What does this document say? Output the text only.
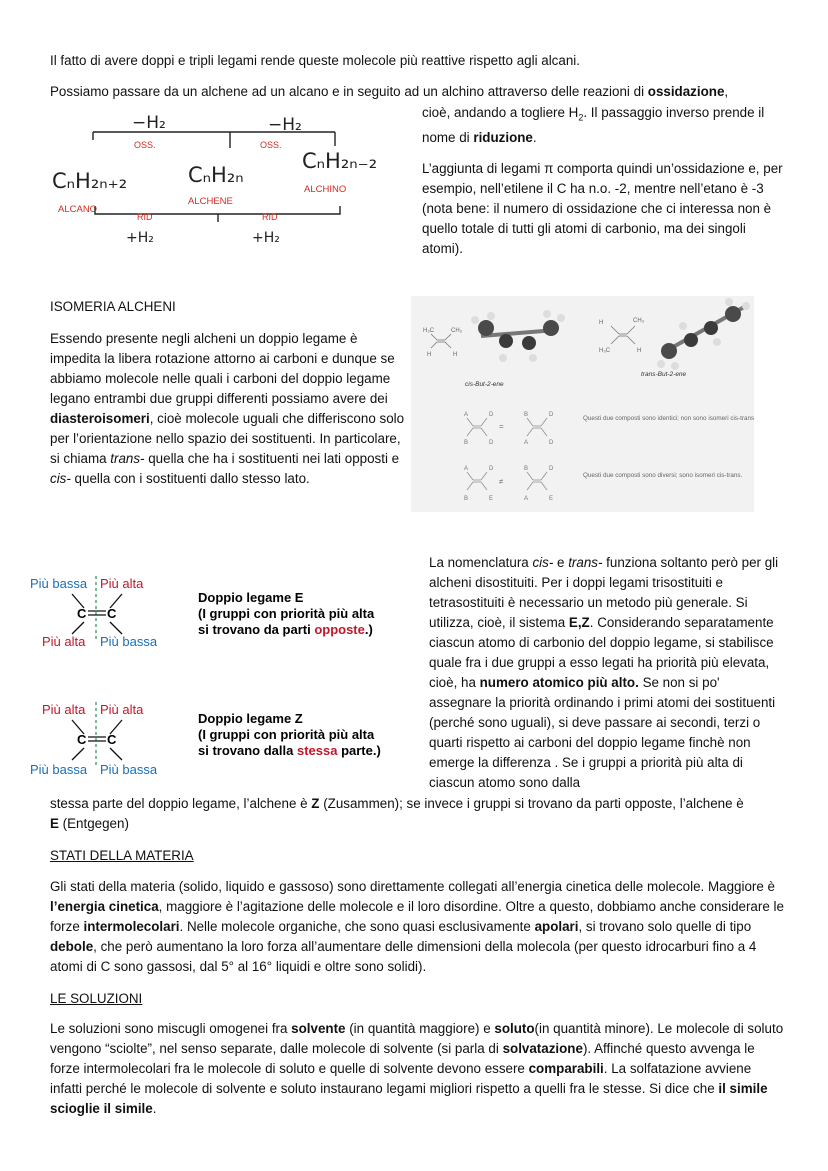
Il fatto di avere doppi e tripli legami rende queste molecole più reattive rispetto agli alcani.

Possiamo passare da un alchene ad un alcano e in seguito ad un alchino attraverso delle reazioni di ossidazione,

cioè, andando a togliere $H_2$. Il passaggio inverso prende il nome di riduzione.

L’aggiunta di legami π comporta quindi un’ossidazione e, per esempio, nell’etilene il C ha n.o. -2, mentre nell’etano è -3 (nota bene: il numero di ossidazione che ci interessa non è quello totale di tutti gli atomi di carbonio, ma dei singoli atomi).

−H₂	−H₂
OSS.	OSS.
CₙH₂ₙ₊₂	CₙH₂ₙ
CₙH₂ₙ₋₂
ALCANO
ALCHENE
ALCHINO
RID	RID
+H₂	+H₂

ISOMERIA ALCHENI

Essendo presente negli alcheni un doppio legame è impedita la libera rotazione attorno ai carboni e dunque se abbiamo molecole nelle quali i carboni del doppio legame legano entrambi due gruppi differenti possiamo avere dei diasteroisomeri, cioè molecole uguali che differiscono solo per l’orientazione nello spazio dei sostituenti. In particolare, si chiama trans- quella che ha i sostituenti nei lati opposti e cis- quella con i sostituenti dallo stesso lato.

H₃C	CH₃
H	H
cis-But-2-ene
H	CH₃
H₃C	H
trans-But-2-ene
A	D
B	D
=
B	D
A	D
Questi due composti sono identici; non sono isomeri cis-trans.
A	D
B	E
≠
B	D
A	E
Questi due composti sono diversi; sono isomeri cis-trans.
Più bassa Più alta
C C
Più alta Più bassa
Doppio legame E
(I gruppi con priorità più alta
si trovano da parti opposte.)
Più alta Più alta
C C
Più bassa Più bassa
Doppio legame Z
(I gruppi con priorità più alta
si trovano dalla stessa parte.)

La nomenclatura cis- e trans- funziona soltanto però per gli alcheni disostituiti. Per i doppi legami trisostituiti e tetrasostituiti è necessario un metodo più generale. Si utilizza, cioè, il sistema E,Z. Considerando separatamente ciascun atomo di carbonio del doppio legame, si stabilisce quale fra i due gruppi a esso legati ha priorità più elevata, cioè, ha numero atomico più alto. Se non si po' assegnare la priorità ordinando i primi atomi dei sostituenti (perché sono uguali), si deve passare ai secondi, terzi o quarti rispetto ai carboni del doppio legame finchè non emerge la differenza . Se i gruppi a priorità più alta di ciascun atomo sono dalla

stessa parte del doppio legame, l’alchene è Z (Zusammen); se invece i gruppi si trovano da parti opposte, l’alchene è
E (Entgegen)

STATI DELLA MATERIA

Gli stati della materia (solido, liquido e gassoso) sono direttamente collegati all’energia cinetica delle molecole. Maggiore è l’energia cinetica, maggiore è l’agitazione delle molecole e il loro disordine. Oltre a questo, dobbiamo anche considerare le forze intermolecolari. Nelle molecole organiche, che sono quasi esclusivamente apolari, si trovano solo quelle di tipo debole, che però aumentano la loro forza all’aumentare delle dimensioni della molecola (per questo idrocarburi fino a 4 atomi di C sono gassosi, dal 5° al 16° liquidi e oltre sono solidi).

LE SOLUZIONI

Le soluzioni sono miscugli omogenei fra solvente (in quantità maggiore) e soluto(in quantità minore). Le molecole di soluto vengono “sciolte”, nel senso separate, dalle molecole di solvente (si parla di solvatazione). Affinché questo avvenga le forze intermolecolari fra le molecole di soluto e quelle di solvente devono essere comparabili. La solfatazione avviene infatti perché le molecole di solvente e soluto instaurano legami migliori rispetto a quelli fra le stesse. Si dice che il simile scioglie il simile.
